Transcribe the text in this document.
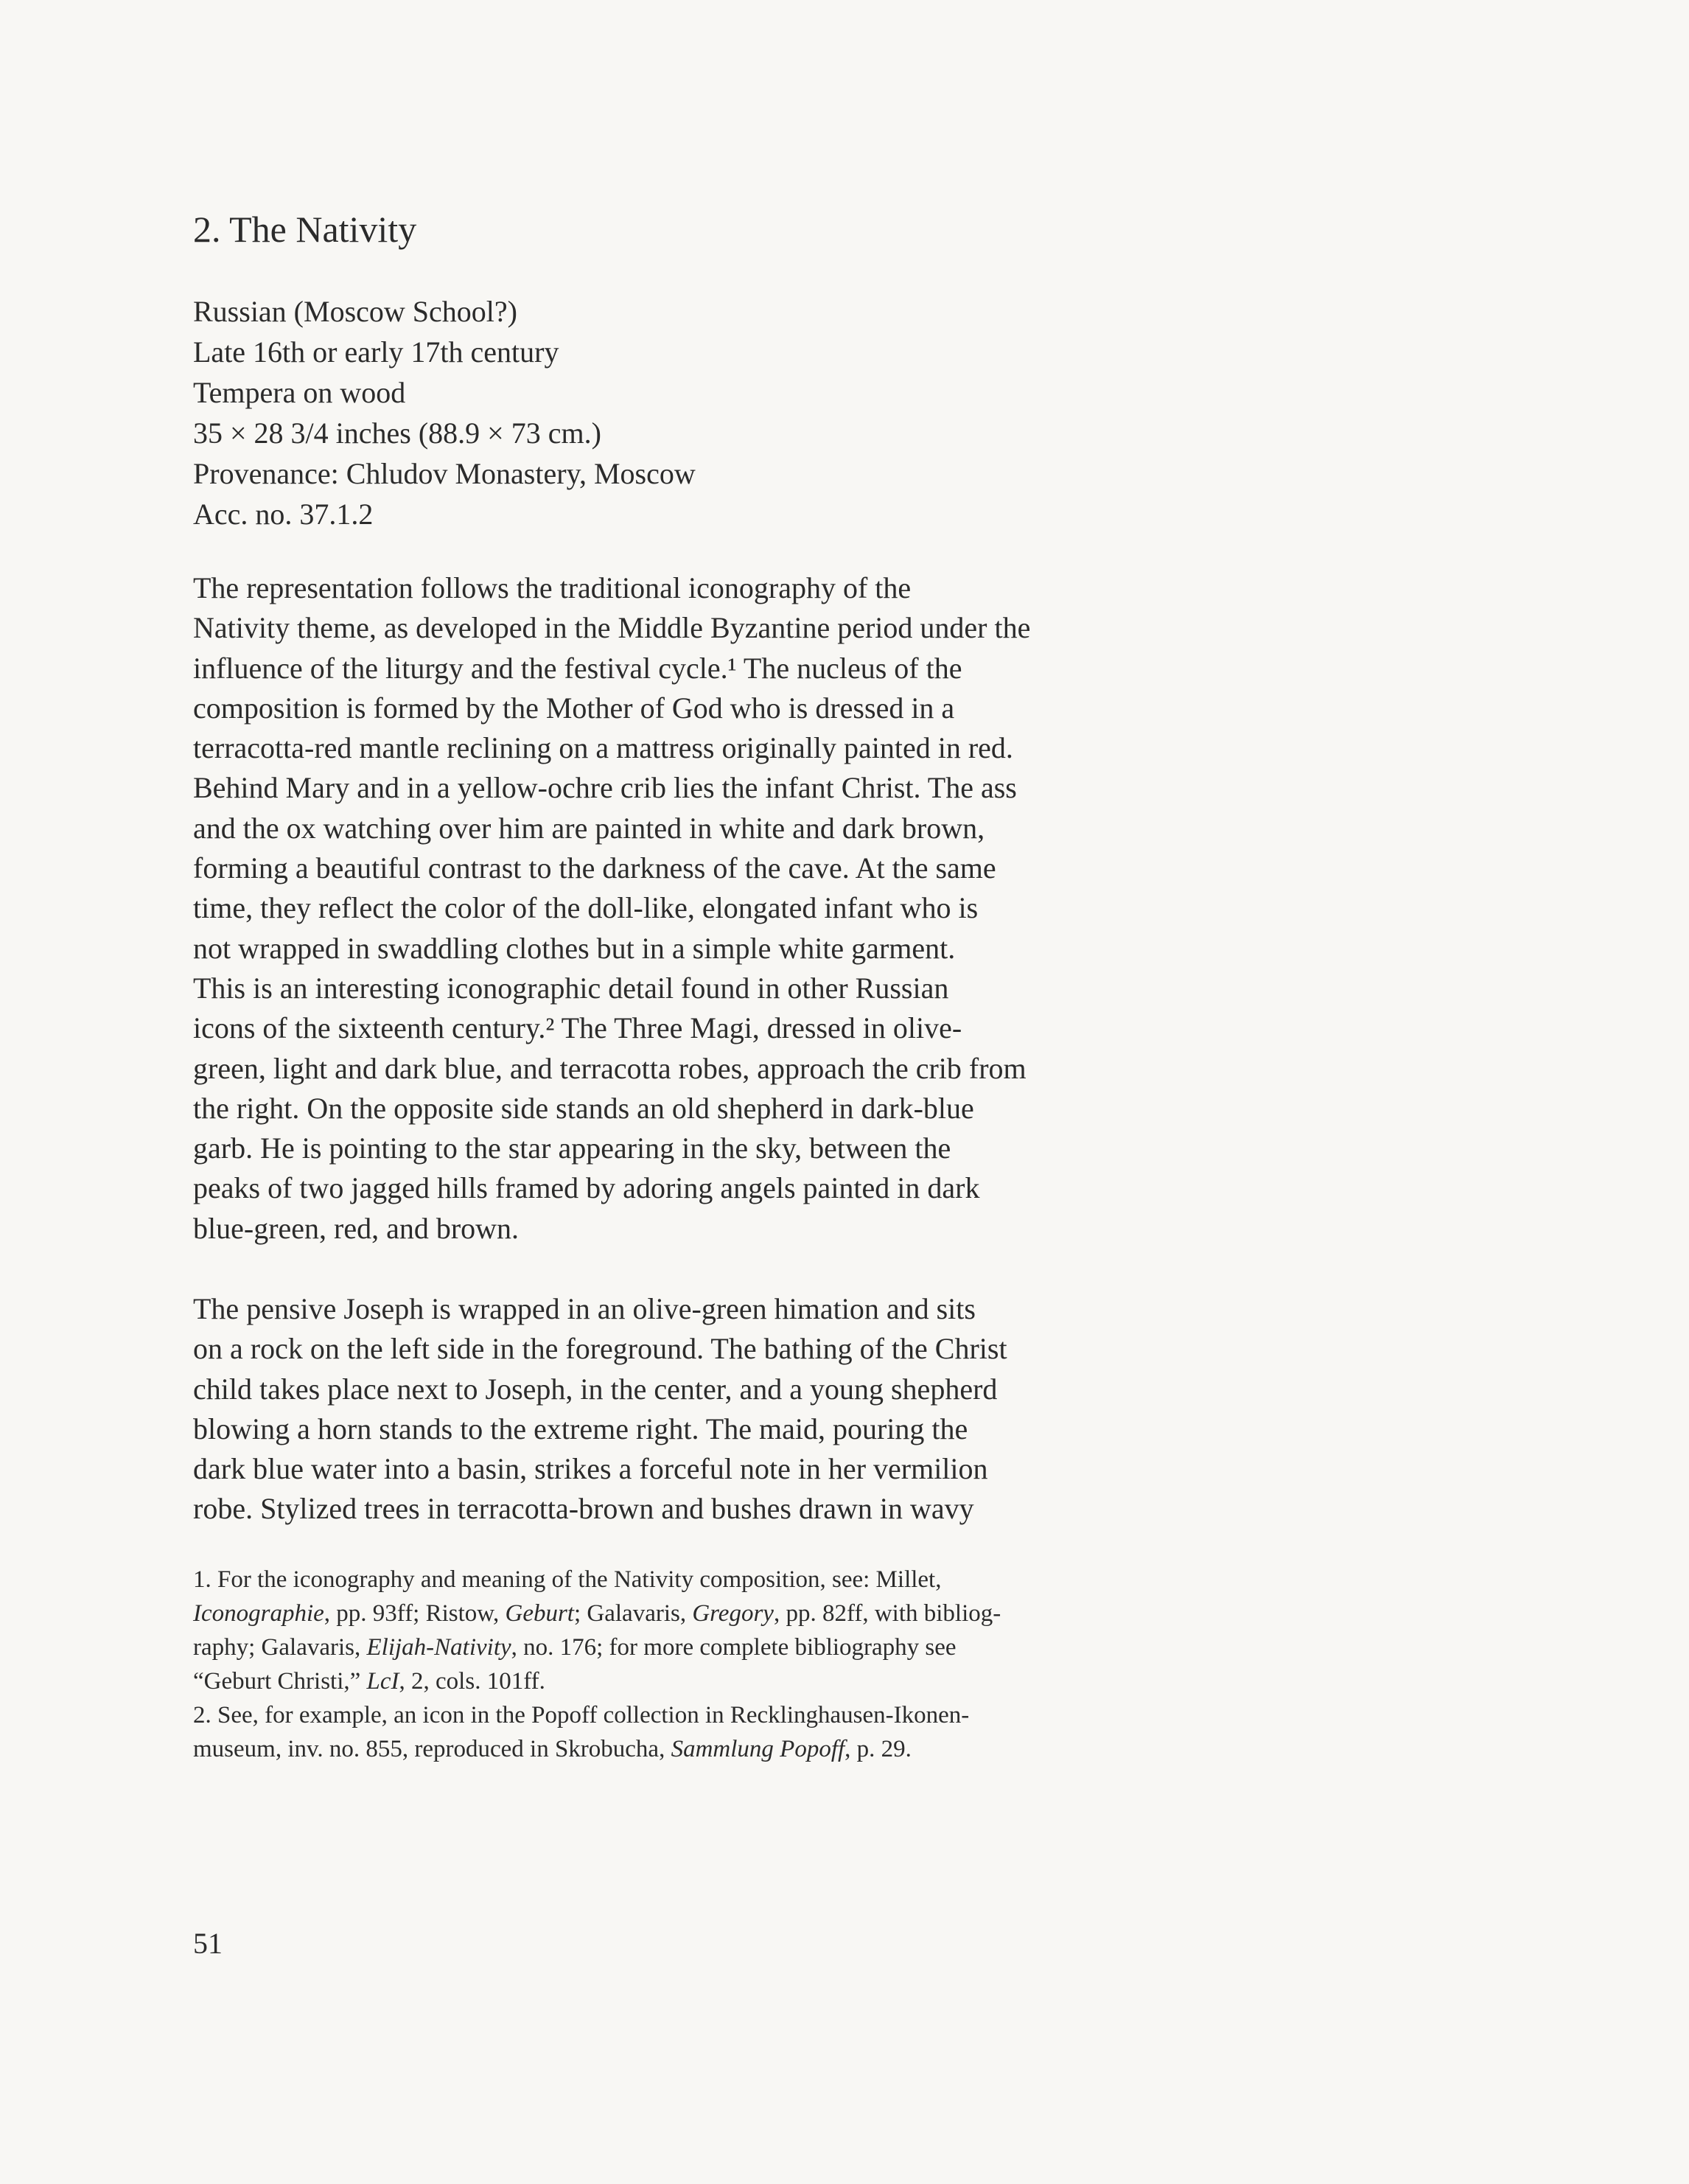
2. The Nativity
Russian (Moscow School?)
Late 16th or early 17th century
Tempera on wood
35 × 28 3/4 inches (88.9 × 73 cm.)
Provenance: Chludov Monastery, Moscow
Acc. no. 37.1.2

The representation follows the traditional iconography of the
Nativity theme, as developed in the Middle Byzantine period under the
influence of the liturgy and the festival cycle.¹ The nucleus of the
composition is formed by the Mother of God who is dressed in a
terracotta-red mantle reclining on a mattress originally painted in red.
Behind Mary and in a yellow-ochre crib lies the infant Christ. The ass
and the ox watching over him are painted in white and dark brown,
forming a beautiful contrast to the darkness of the cave. At the same
time, they reflect the color of the doll-like, elongated infant who is
not wrapped in swaddling clothes but in a simple white garment.
This is an interesting iconographic detail found in other Russian
icons of the sixteenth century.² The Three Magi, dressed in olive-
green, light and dark blue, and terracotta robes, approach the crib from
the right. On the opposite side stands an old shepherd in dark-blue
garb. He is pointing to the star appearing in the sky, between the
peaks of two jagged hills framed by adoring angels painted in dark
blue-green, red, and brown.

The pensive Joseph is wrapped in an olive-green himation and sits
on a rock on the left side in the foreground. The bathing of the Christ
child takes place next to Joseph, in the center, and a young shepherd
blowing a horn stands to the extreme right. The maid, pouring the
dark blue water into a basin, strikes a forceful note in her vermilion
robe. Stylized trees in terracotta-brown and bushes drawn in wavy

1. For the iconography and meaning of the Nativity composition, see: Millet,
Iconographie, pp. 93ff; Ristow, Geburt; Galavaris, Gregory, pp. 82ff, with bibliog-
raphy; Galavaris, Elijah-Nativity, no. 176; for more complete bibliography see
“Geburt Christi,” LcI, 2, cols. 101ff.
2. See, for example, an icon in the Popoff collection in Recklinghausen-Ikonen-
museum, inv. no. 855, reproduced in Skrobucha, Sammlung Popoff, p. 29.
51
